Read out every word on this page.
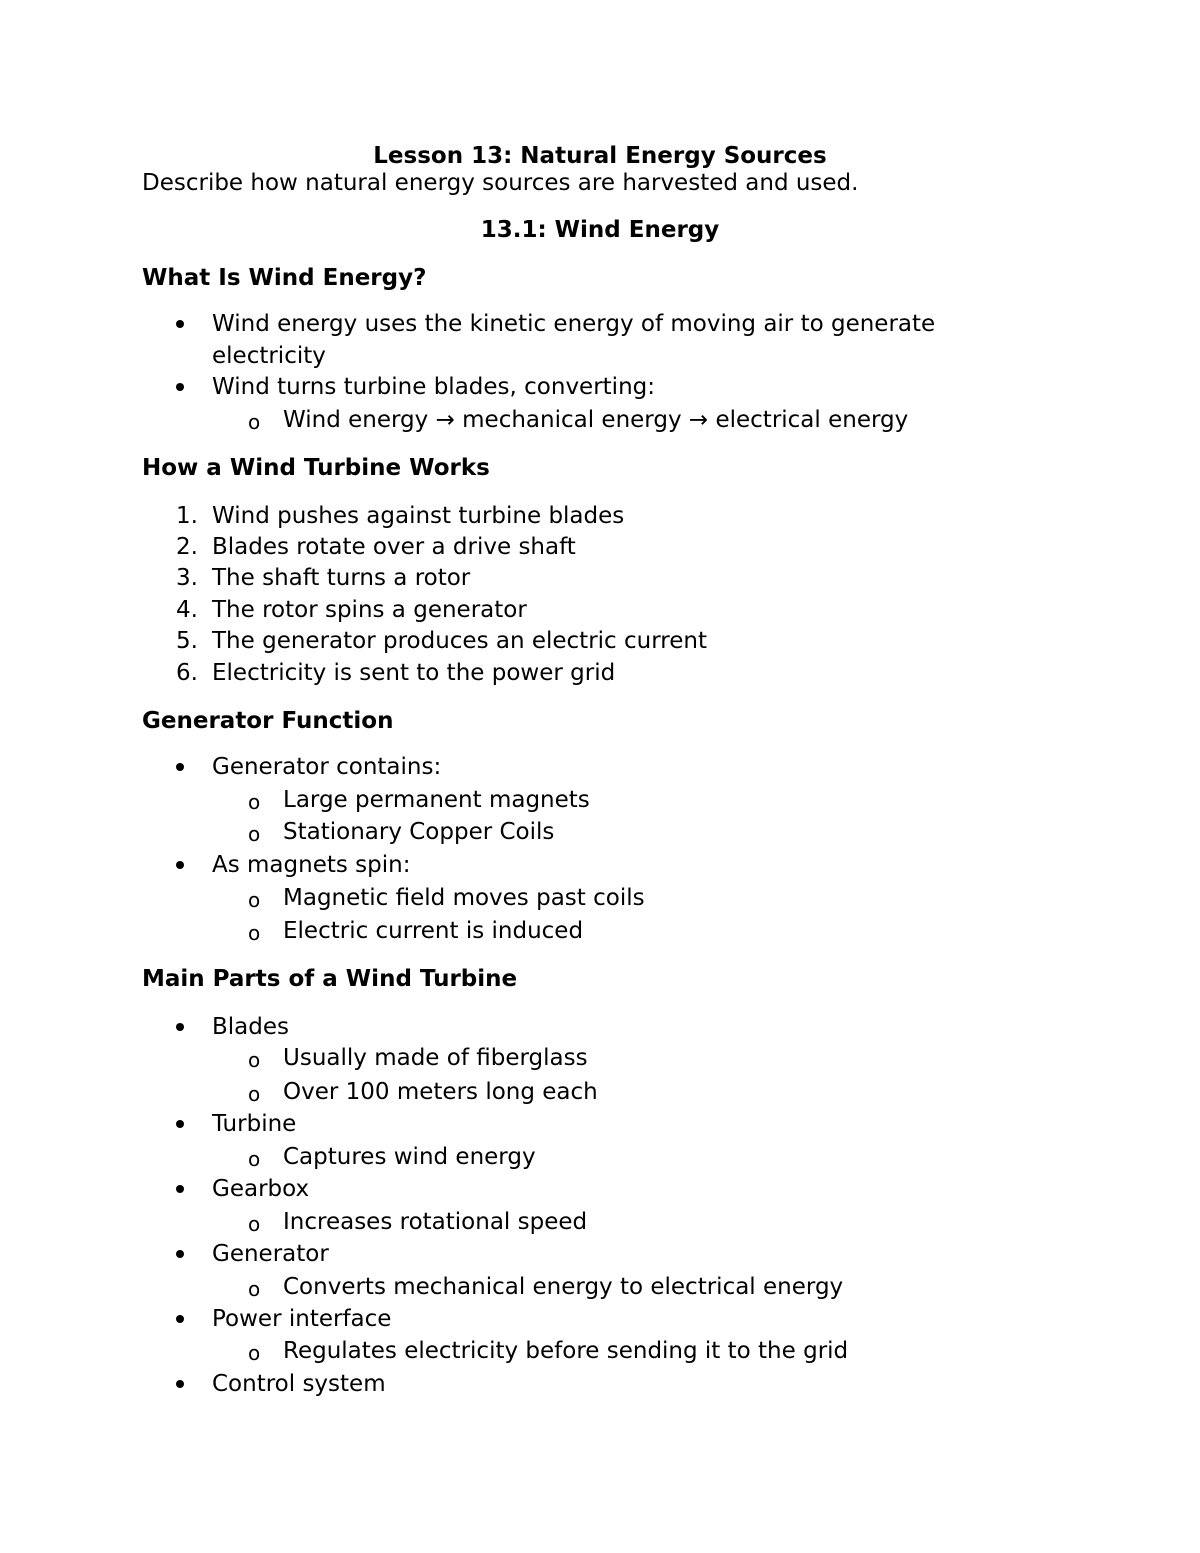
Lesson 13: Natural Energy Sources
Describe how natural energy sources are harvested and used.
13.1: Wind Energy
What Is Wind Energy?
Wind energy uses the kinetic energy of moving air to generate
electricity
Wind turns turbine blades, converting:
o Wind energy → mechanical energy → electrical energy
How a Wind Turbine Works
1. Wind pushes against turbine blades
2. Blades rotate over a drive shaft
3. The shaft turns a rotor
4. The rotor spins a generator
5. The generator produces an electric current
6. Electricity is sent to the power grid
Generator Function
Generator contains:
o Large permanent magnets
o Stationary Copper Coils
As magnets spin:
o Magnetic field moves past coils
o Electric current is induced
Main Parts of a Wind Turbine
Blades
o Usually made of fiberglass
o Over 100 meters long each
Turbine
o Captures wind energy
Gearbox
o Increases rotational speed
Generator
o Converts mechanical energy to electrical energy
Power interface
o Regulates electricity before sending it to the grid
Control system
